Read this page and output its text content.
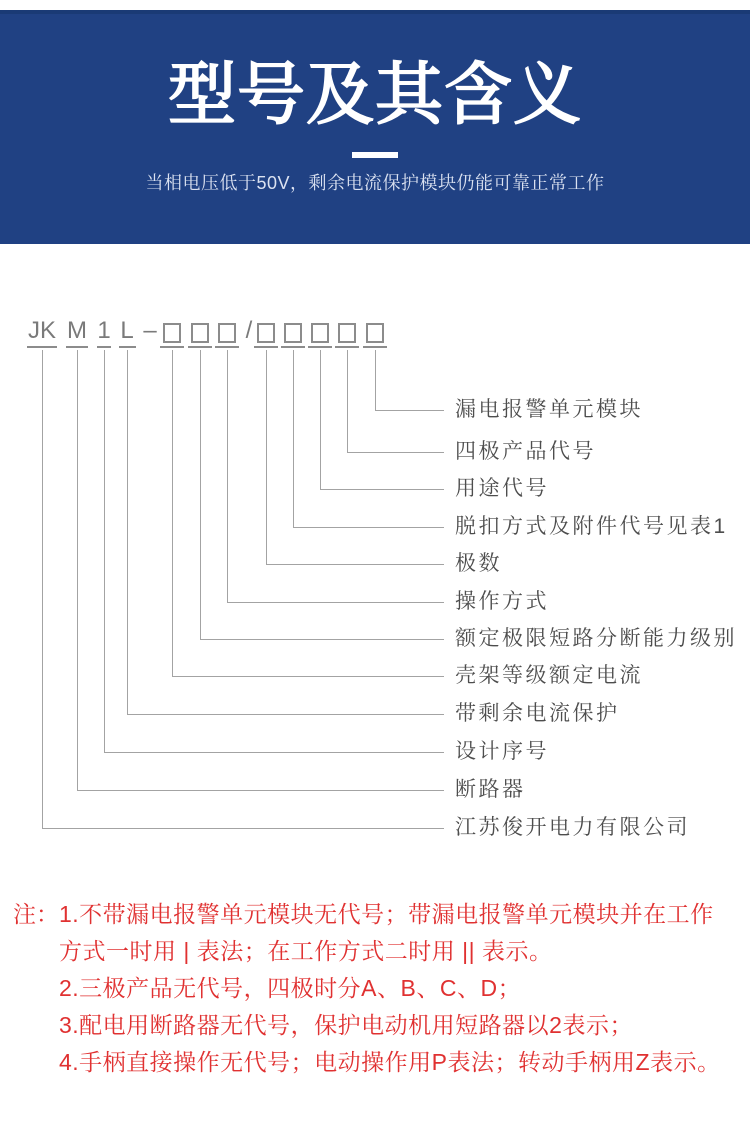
型号及其含义
当相电压低于50V，剩余电流保护模块仍能可靠正常工作
JK M 1 L –	/
漏电报警单元模块
四极产品代号
用途代号
脱扣方式及附件代号见表1
极数
操作方式
额定极限短路分断能力级别
壳架等级额定电流
带剩余电流保护
设计序号
断路器
江苏俊开电力有限公司
注： 1.不带漏电报警单元模块无代号；带漏电报警单元模块并在工作方式一时用 | 表法；在工作方式二时用 || 表示。

2.三极产品无代号，四极时分A、B、C、D；

3.配电用断路器无代号，保护电动机用短路器以2表示；

4.手柄直接操作无代号；电动操作用P表法；转动手柄用Z表示。
